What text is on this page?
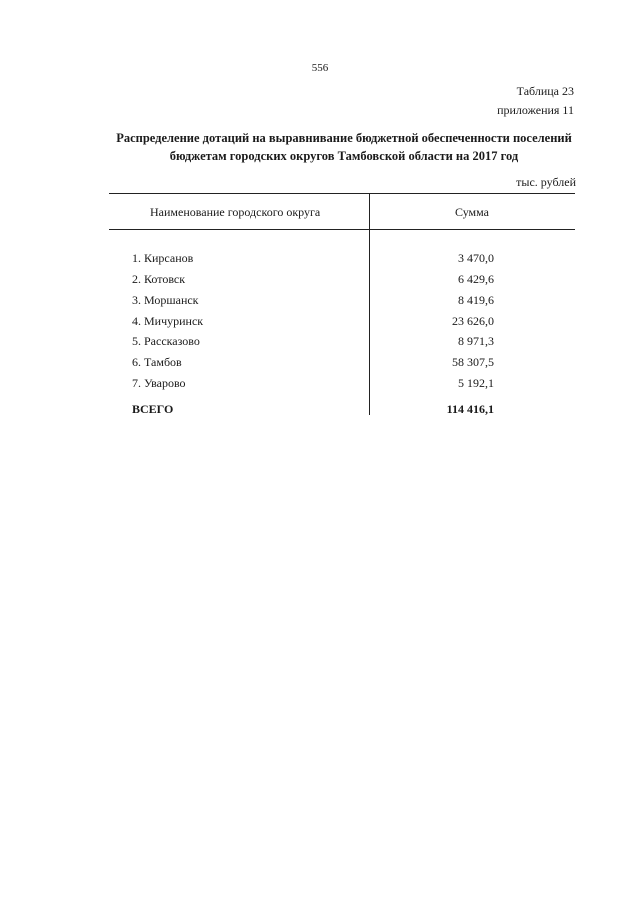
556
Таблица 23
приложения 11
Распределение дотаций на выравнивание бюджетной обеспеченности поселений
бюджетам городских округов Тамбовской области на 2017 год
тыс. рублей
Наименование городского округа	Сумма
1. Кирсанов	3 470,0
2. Котовск	6 429,6
3. Моршанск	8 419,6
4. Мичуринск	23 626,0
5. Рассказово	8 971,3
6. Тамбов	58 307,5
7. Уварово	5 192,1
ВСЕГО	114 416,1
